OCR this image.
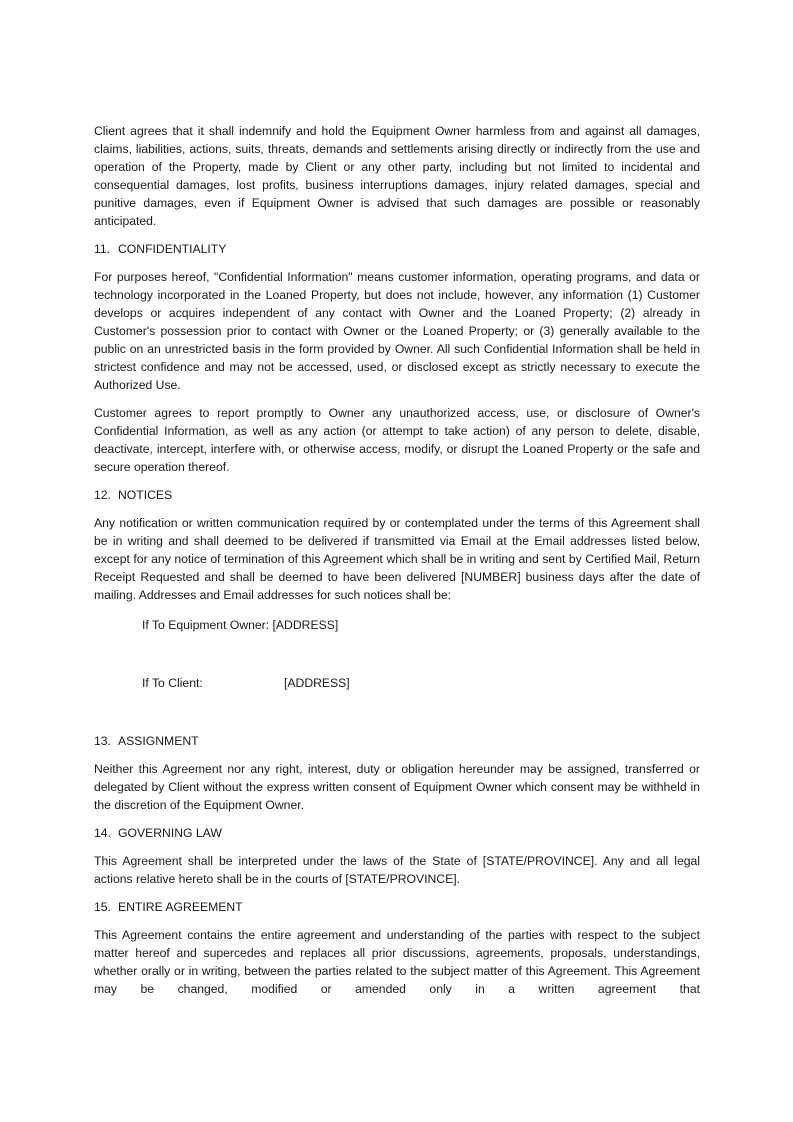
Client agrees that it shall indemnify and hold the Equipment Owner harmless from and against all damages, claims, liabilities, actions, suits, threats, demands and settlements arising directly or indirectly from the use and operation of the Property, made by Client or any other party, including but not limited to incidental and consequential damages, lost profits, business interruptions damages, injury related damages, special and punitive damages, even if Equipment Owner is advised that such damages are possible or reasonably anticipated.

11. CONFIDENTIALITY

For purposes hereof, "Confidential Information" means customer information, operating programs, and data or technology incorporated in the Loaned Property, but does not include, however, any information (1) Customer develops or acquires independent of any contact with Owner and the Loaned Property; (2) already in Customer's possession prior to contact with Owner or the Loaned Property; or (3) generally available to the public on an unrestricted basis in the form provided by Owner. All such Confidential Information shall be held in strictest confidence and may not be accessed, used, or disclosed except as strictly necessary to execute the Authorized Use.

Customer agrees to report promptly to Owner any unauthorized access, use, or disclosure of Owner's Confidential Information, as well as any action (or attempt to take action) of any person to delete, disable, deactivate, intercept, interfere with, or otherwise access, modify, or disrupt the Loaned Property or the safe and secure operation thereof.

12. NOTICES

Any notification or written communication required by or contemplated under the terms of this Agreement shall be in writing and shall deemed to be delivered if transmitted via Email at the Email addresses listed below, except for any notice of termination of this Agreement which shall be in writing and sent by Certified Mail, Return Receipt Requested and shall be deemed to have been delivered [NUMBER] business days after the date of mailing. Addresses and Email addresses for such notices shall be:

If To Equipment Owner: [ADDRESS]
If To Client:	[ADDRESS]

13. ASSIGNMENT

Neither this Agreement nor any right, interest, duty or obligation hereunder may be assigned, transferred or delegated by Client without the express written consent of Equipment Owner which consent may be withheld in the discretion of the Equipment Owner.

14. GOVERNING LAW

This Agreement shall be interpreted under the laws of the State of [STATE/PROVINCE]. Any and all legal actions relative hereto shall be in the courts of [STATE/PROVINCE].

15. ENTIRE AGREEMENT

This Agreement contains the entire agreement and understanding of the parties with respect to the subject matter hereof and supercedes and replaces all prior discussions, agreements, proposals, understandings, whether orally or in writing, between the parties related to the subject matter of this Agreement. This Agreement may be changed, modified or amended only in a written agreement that
